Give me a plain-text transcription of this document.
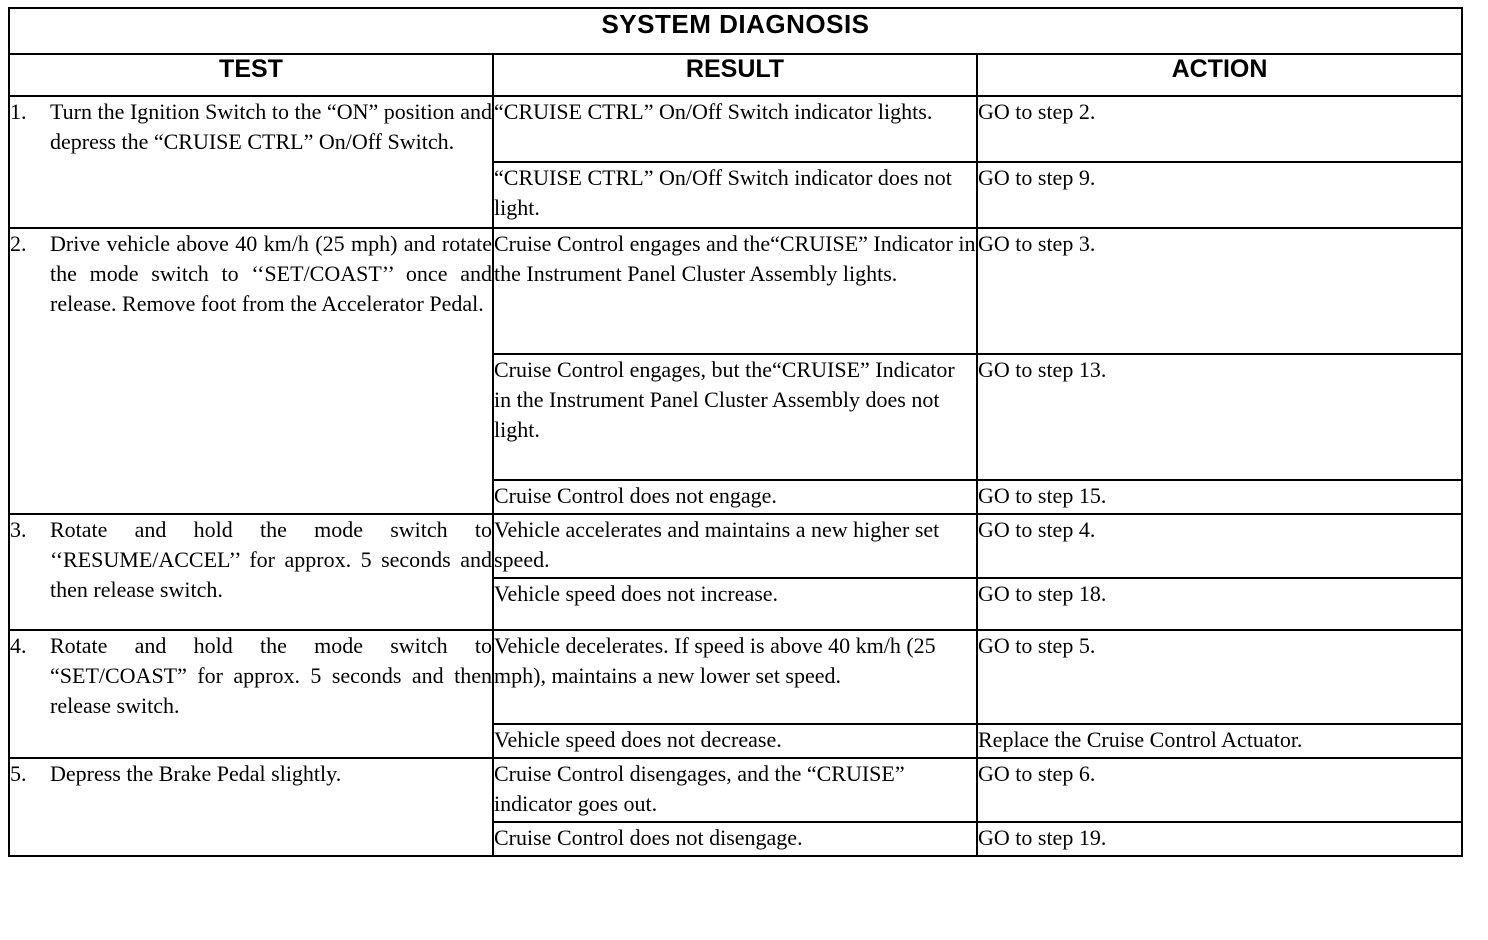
SYSTEM DIAGNOSIS		
TEST	RESULT	ACTION

1. Turn the Ignition Switch to the “ON” position and depress the “CRUISE CTRL” On/Off Switch.	“CRUISE CTRL” On/Off Switch indicator lights.	GO to step 2.
	“CRUISE CTRL” On/Off Switch indicator does not light.	GO to step 9.

2. Drive vehicle above 40 km/h (25 mph) and rotate the mode switch to ‘‘SET/COAST’’ once and release. Remove foot from the Accelerator Pedal.	Cruise Control engages and the“CRUISE” Indicator in the Instrument Panel Cluster Assembly lights.	GO to step 3.
	Cruise Control engages, but the“CRUISE” Indicator in the Instrument Panel Cluster Assembly does not light.	GO to step 13.
	Cruise Control does not engage.	GO to step 15.

3. Rotate and hold the mode switch to ‘‘RESUME/ACCEL’’ for approx. 5 seconds and then release switch.	Vehicle accelerates and maintains a new higher set speed.	GO to step 4.
	Vehicle speed does not increase.	GO to step 18.

4. Rotate and hold the mode switch to “SET/COAST” for approx. 5 seconds and then release switch.	Vehicle decelerates. If speed is above 40 km/h (25 mph), maintains a new lower set speed.	GO to step 5.
	Vehicle speed does not decrease.	Replace the Cruise Control Actuator.

5. Depress the Brake Pedal slightly.	Cruise Control disengages, and the “CRUISE” indicator goes out.	GO to step 6.
	Cruise Control does not disengage.	GO to step 19.
